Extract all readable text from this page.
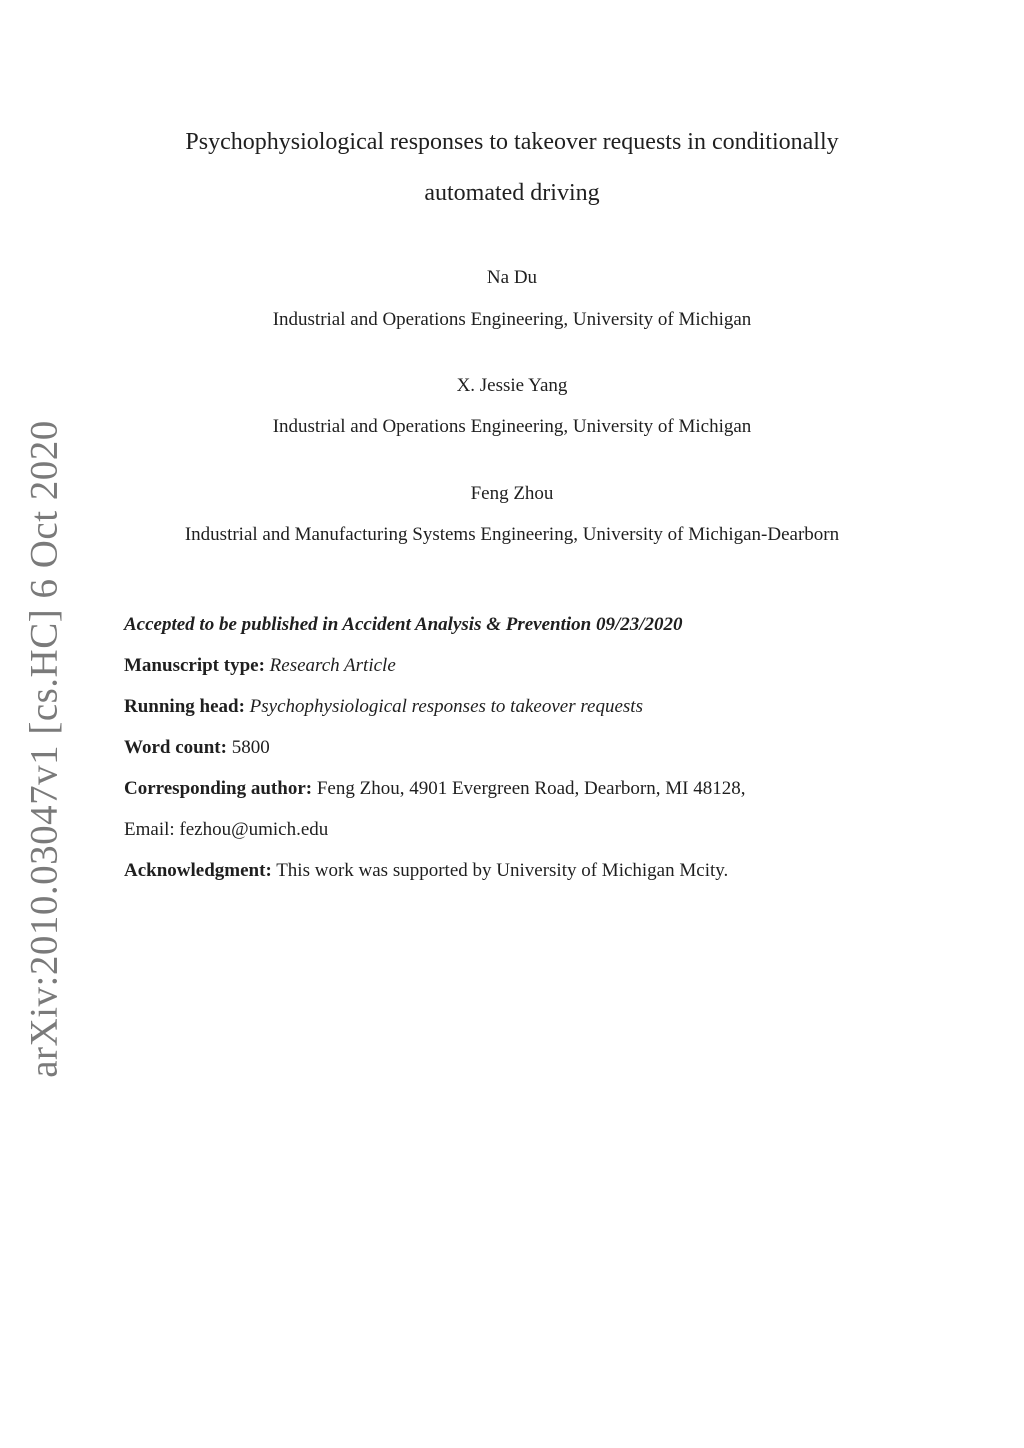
arXiv:2010.03047v1 [cs.HC] 6 Oct 2020
Psychophysiological responses to takeover requests in conditionally
automated driving
Na Du
Industrial and Operations Engineering, University of Michigan
X. Jessie Yang
Industrial and Operations Engineering, University of Michigan
Feng Zhou
Industrial and Manufacturing Systems Engineering, University of Michigan-Dearborn
Accepted to be published in Accident Analysis & Prevention 09/23/2020
Manuscript type: Research Article
Running head: Psychophysiological responses to takeover requests
Word count: 5800
Corresponding author: Feng Zhou, 4901 Evergreen Road, Dearborn, MI 48128,
Email: fezhou@umich.edu
Acknowledgment: This work was supported by University of Michigan Mcity.
